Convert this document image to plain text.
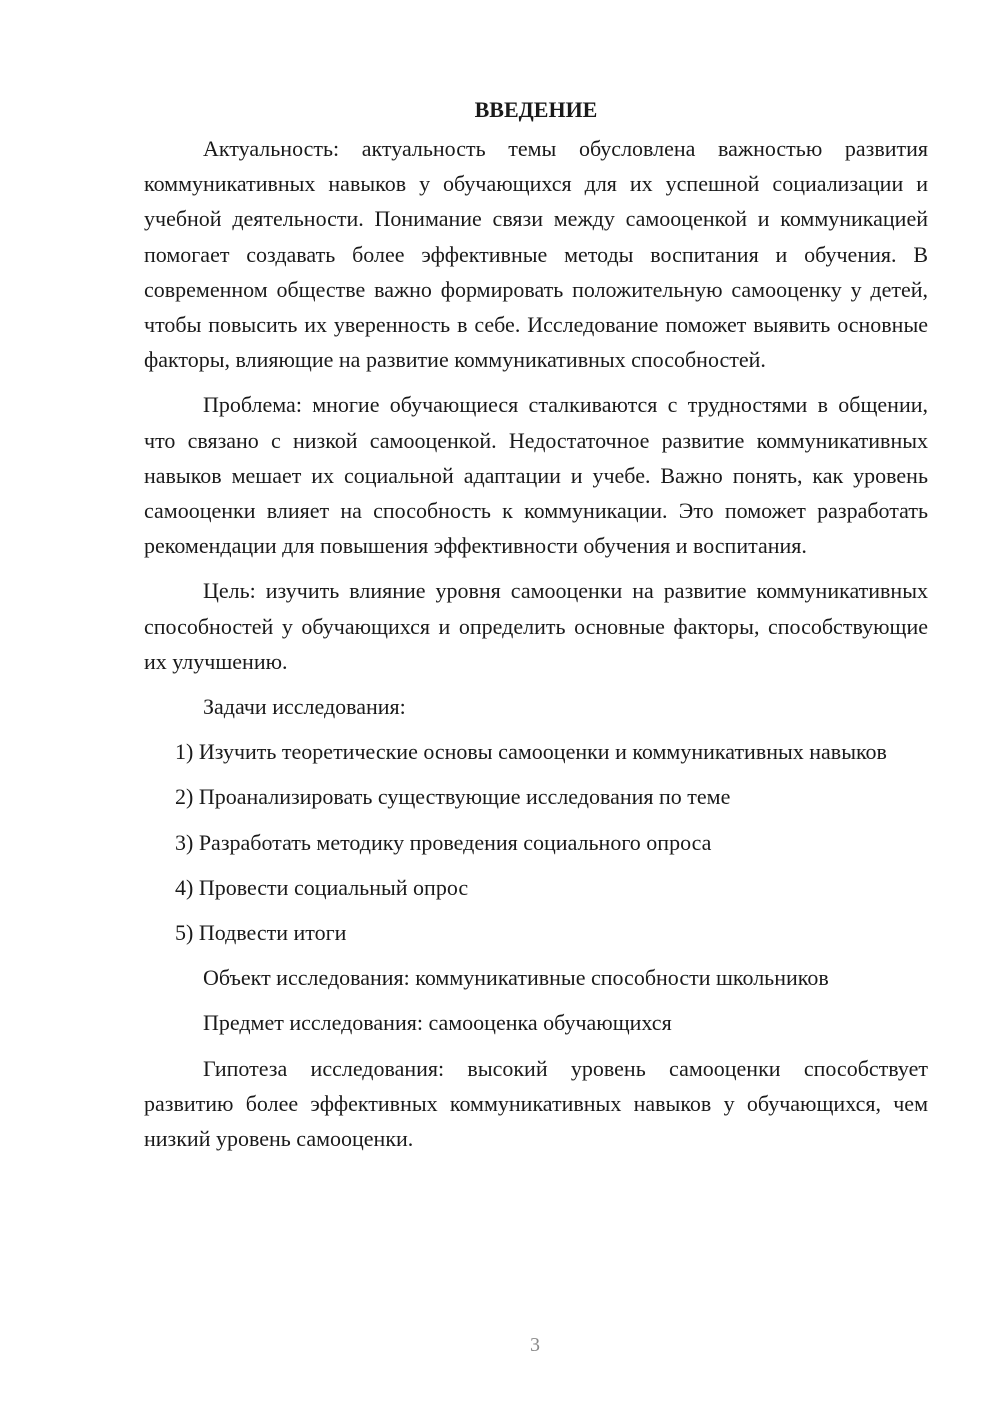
ВВЕДЕНИЕ

Актуальность: актуальность темы обусловлена важностью развития коммуникативных навыков у обучающихся для их успешной социализации и учебной деятельности. Понимание связи между самооценкой и коммуникацией помогает создавать более эффективные методы воспитания и обучения. В современном обществе важно формировать положительную самооценку у детей, чтобы повысить их уверенность в себе. Исследование поможет выявить основные факторы, влияющие на развитие коммуникативных способностей.

Проблема: многие обучающиеся сталкиваются с трудностями в общении, что связано с низкой самооценкой. Недостаточное развитие коммуникативных навыков мешает их социальной адаптации и учебе. Важно понять, как уровень самооценки влияет на способность к коммуникации. Это поможет разработать рекомендации для повышения эффективности обучения и воспитания.

Цель: изучить влияние уровня самооценки на развитие коммуникативных способностей у обучающихся и определить основные факторы, способствующие их улучшению.

Задачи исследования:

1) Изучить теоретические основы самооценки и коммуникативных навыков

2) Проанализировать существующие исследования по теме

3) Разработать методику проведения социального опроса

4) Провести социальный опрос

5) Подвести итоги

Объект исследования: коммуникативные способности школьников

Предмет исследования: самооценка обучающихся

Гипотеза исследования: высокий уровень самооценки способствует развитию более эффективных коммуникативных навыков у обучающихся, чем низкий уровень самооценки.

3
